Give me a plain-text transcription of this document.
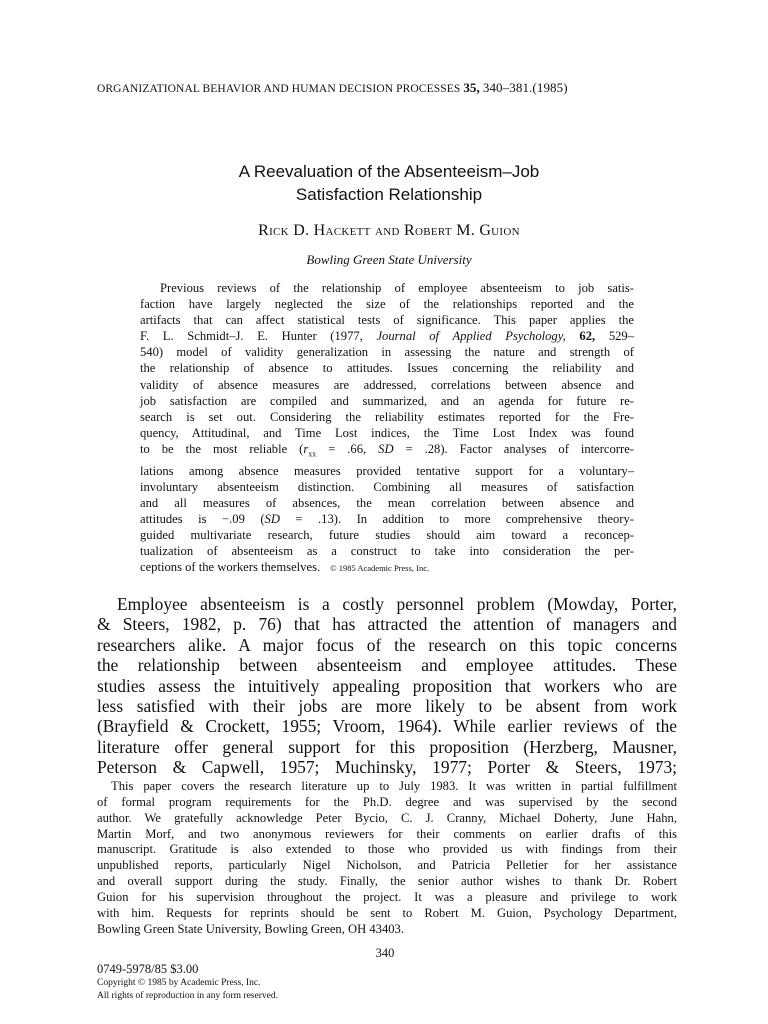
ORGANIZATIONAL BEHAVIOR AND HUMAN DECISION PROCESSES 35, 340–381.(1985)
A Reevaluation of the Absenteeism–Job
Satisfaction Relationship
Rick D. Hackett and Robert M. Guion
Bowling Green State University
Previous reviews of the relationship of employee absenteeism to job satis-
faction have largely neglected the size of the relationships reported and the
artifacts that can affect statistical tests of significance. This paper applies the
F. L. Schmidt–J. E. Hunter (1977, Journal of Applied Psychology, 62, 529–
540) model of validity generalization in assessing the nature and strength of
the relationship of absence to attitudes. Issues concerning the reliability and
validity of absence measures are addressed, correlations between absence and
job satisfaction are compiled and summarized, and an agenda for future re-
search is set out. Considering the reliability estimates reported for the Fre-
quency, Attitudinal, and Time Lost indices, the Time Lost Index was found
to be the most reliable ($r_{xx} = .66$, SD = .28). Factor analyses of intercorre-
lations among absence measures provided tentative support for a voluntary–
involuntary absenteeism distinction. Combining all measures of satisfaction
and all measures of absences, the mean correlation between absence and
attitudes is −.09 (SD = .13). In addition to more comprehensive theory-
guided multivariate research, future studies should aim toward a reconcep-
tualization of absenteeism as a construct to take into consideration the per-
ceptions of the workers themselves. © 1985 Academic Press, Inc.
Employee absenteeism is a costly personnel problem (Mowday, Porter,
& Steers, 1982, p. 76) that has attracted the attention of managers and
researchers alike. A major focus of the research on this topic concerns
the relationship between absenteeism and employee attitudes. These
studies assess the intuitively appealing proposition that workers who are
less satisfied with their jobs are more likely to be absent from work
(Brayfield & Crockett, 1955; Vroom, 1964). While earlier reviews of the
literature offer general support for this proposition (Herzberg, Mausner,
Peterson & Capwell, 1957; Muchinsky, 1977; Porter & Steers, 1973;
This paper covers the research literature up to July 1983. It was written in partial fulfillment
of formal program requirements for the Ph.D. degree and was supervised by the second
author. We gratefully acknowledge Peter Bycio, C. J. Cranny, Michael Doherty, June Hahn,
Martin Morf, and two anonymous reviewers for their comments on earlier drafts of this
manuscript. Gratitude is also extended to those who provided us with findings from their
unpublished reports, particularly Nigel Nicholson, and Patricia Pelletier for her assistance
and overall support during the study. Finally, the senior author wishes to thank Dr. Robert
Guion for his supervision throughout the project. It was a pleasure and privilege to work
with him. Requests for reprints should be sent to Robert M. Guion, Psychology Department,
Bowling Green State University, Bowling Green, OH 43403.
340
0749-5978/85 $3.00
Copyright © 1985 by Academic Press, Inc.
All rights of reproduction in any form reserved.
